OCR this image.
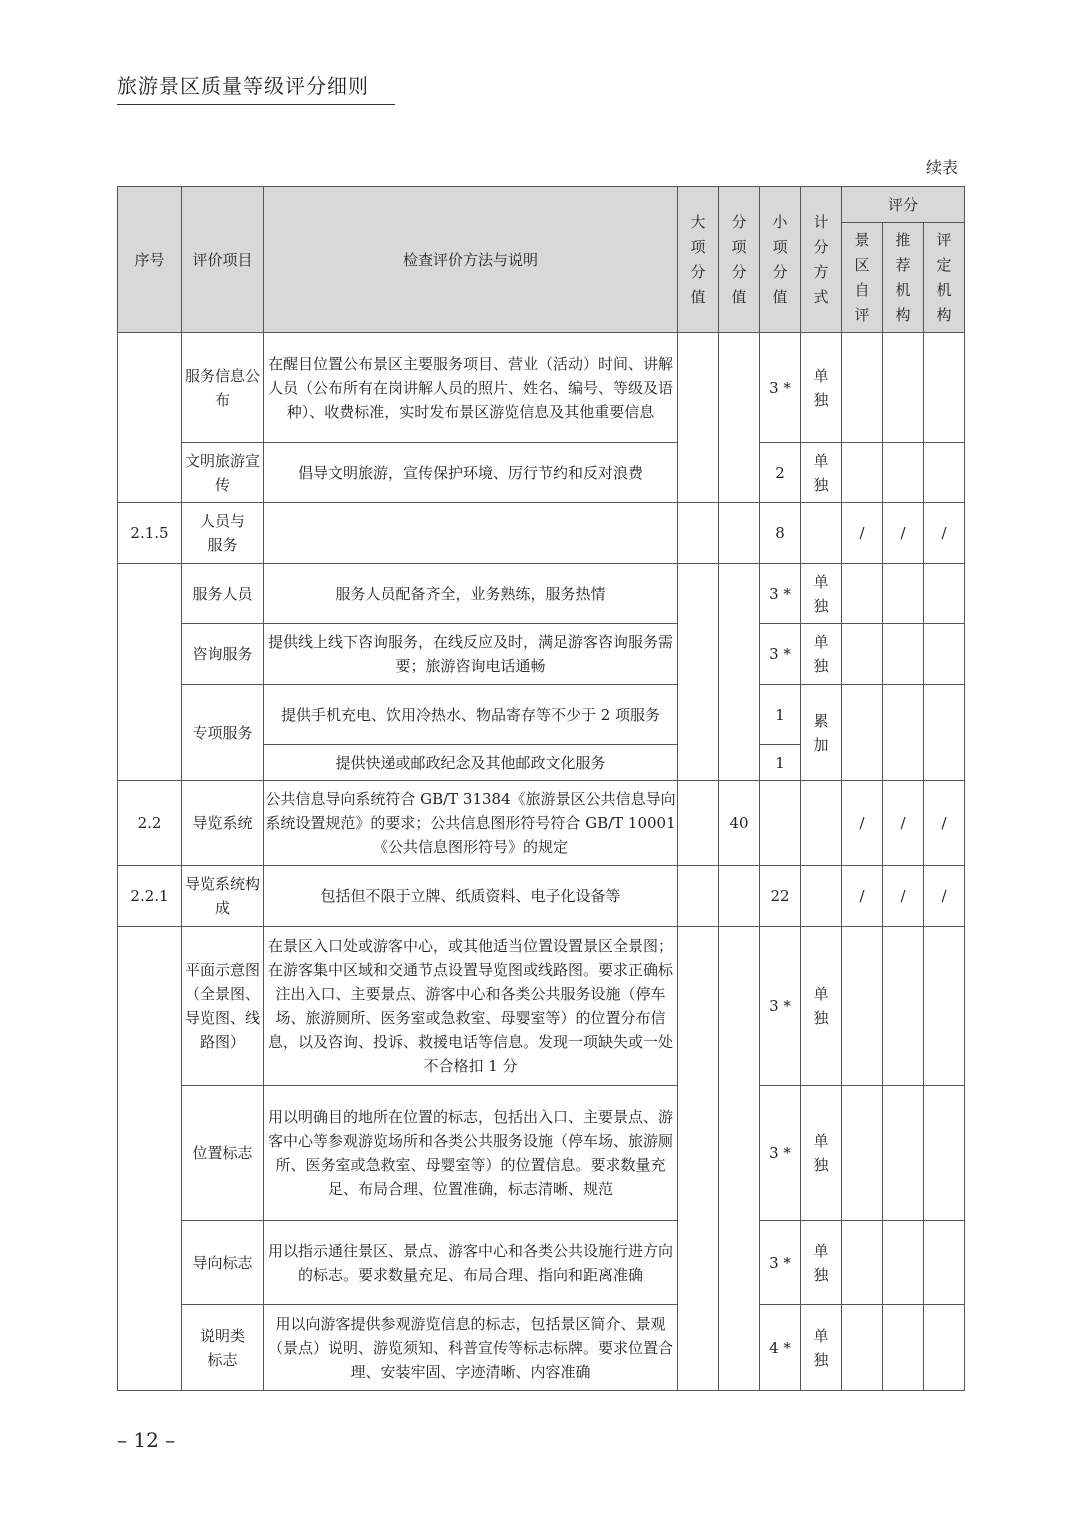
旅游景区质量等级评分细则
续表
序号	评价项目	检查评价方法与说明	大项分值	分项分值	小项分值	计分方式	评分		
							景区自评	推荐机构	评定机构
	服务信息公布	在醒目位置公布景区主要服务项目、营业（活动）时间、讲解人员（公布所有在岗讲解人员的照片、姓名、编号、等级及语种）、收费标准，实时发布景区游览信息及其他重要信息			3 *	单独			
	文明旅游宣传	倡导文明旅游，宣传保护环境、厉行节约和反对浪费			2	单独			
2.1.5	人员与服务				8		/	/	/
	服务人员	服务人员配备齐全，业务熟练，服务热情			3 *	单独			
	咨询服务	提供线上线下咨询服务，在线反应及时，满足游客咨询服务需要；旅游咨询电话通畅			3 *	单独			
	专项服务	提供手机充电、饮用冷热水、物品寄存等不少于 2 项服务			1	累加			
		提供快递或邮政纪念及其他邮政文化服务			1				
2.2	导览系统	公共信息导向系统符合 GB/T 31384《旅游景区公共信息导向系统设置规范》的要求；公共信息图形符号符合 GB/T 10001《公共信息图形符号》的规定		40			/	/	/
2.2.1	导览系统构成	包括但不限于立牌、纸质资料、电子化设备等			22		/	/	/
	平面示意图（全景图、导览图、线路图）	在景区入口处或游客中心，或其他适当位置设置景区全景图；在游客集中区域和交通节点设置导览图或线路图。要求正确标注出入口、主要景点、游客中心和各类公共服务设施（停车场、旅游厕所、医务室或急救室、母婴室等）的位置分布信息，以及咨询、投诉、救援电话等信息。发现一项缺失或一处不合格扣 1 分			3 *	单独			
	位置标志	用以明确目的地所在位置的标志，包括出入口、主要景点、游客中心等参观游览场所和各类公共服务设施（停车场、旅游厕所、医务室或急救室、母婴室等）的位置信息。要求数量充足、布局合理、位置准确，标志清晰、规范			3 *	单独			
	导向标志	用以指示通往景区、景点、游客中心和各类公共设施行进方向的标志。要求数量充足、布局合理、指向和距离准确			3 *	单独			
	说明类标志	用以向游客提供参观游览信息的标志，包括景区简介、景观（景点）说明、游览须知、科普宣传等标志标牌。要求位置合理、安装牢固、字迹清晰、内容准确			4 *	单独			
– 12 –
